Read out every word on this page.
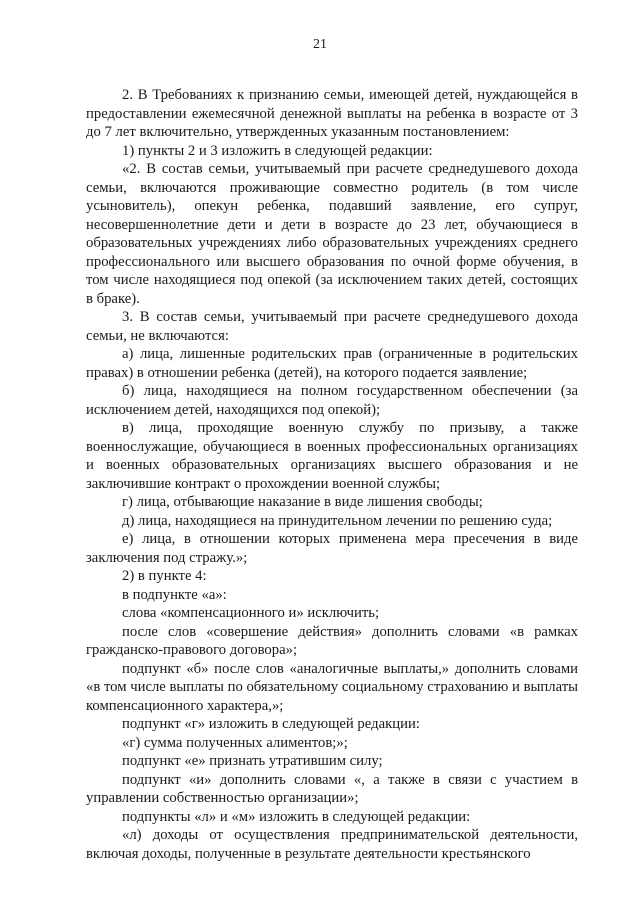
21

2. В Требованиях к признанию семьи, имеющей детей, нуждающейся в предоставлении ежемесячной денежной выплаты на ребенка в возрасте от 3 до 7 лет включительно, утвержденных указанным постановлением:

1) пункты 2 и 3 изложить в следующей редакции:

«2. В состав семьи, учитываемый при расчете среднедушевого дохода семьи, включаются проживающие совместно родитель (в том числе усыновитель), опекун ребенка, подавший заявление, его супруг, несовершеннолетние дети и дети в возрасте до 23 лет, обучающиеся в образовательных учреждениях либо образовательных учреждениях среднего профессионального или высшего образования по очной форме обучения, в том числе находящиеся под опекой (за исключением таких детей, состоящих в браке).

3. В состав семьи, учитываемый при расчете среднедушевого дохода семьи, не включаются:

а) лица, лишенные родительских прав (ограниченные в родительских правах) в отношении ребенка (детей), на которого подается заявление;

б) лица, находящиеся на полном государственном обеспечении (за исключением детей, находящихся под опекой);

в) лица, проходящие военную службу по призыву, а также военнослужащие, обучающиеся в военных профессиональных организациях и военных образовательных организациях высшего образования и не заключившие контракт о прохождении военной службы;

г) лица, отбывающие наказание в виде лишения свободы;

д) лица, находящиеся на принудительном лечении по решению суда;

е) лица, в отношении которых применена мера пресечения в виде заключения под стражу.»;

2) в пункте 4:

в подпункте «а»:

слова «компенсационного и» исключить;

после слов «совершение действия» дополнить словами «в рамках гражданско-правового договора»;

подпункт «б» после слов «аналогичные выплаты,» дополнить словами «в том числе выплаты по обязательному социальному страхованию и выплаты компенсационного характера,»;

подпункт «г» изложить в следующей редакции:

«г) сумма полученных алиментов;»;

подпункт «е» признать утратившим силу;

подпункт «и» дополнить словами «, а также в связи с участием в управлении собственностью организации»;

подпункты «л» и «м» изложить в следующей редакции:

«л) доходы от осуществления предпринимательской деятельности, включая доходы, полученные в результате деятельности крестьянского
